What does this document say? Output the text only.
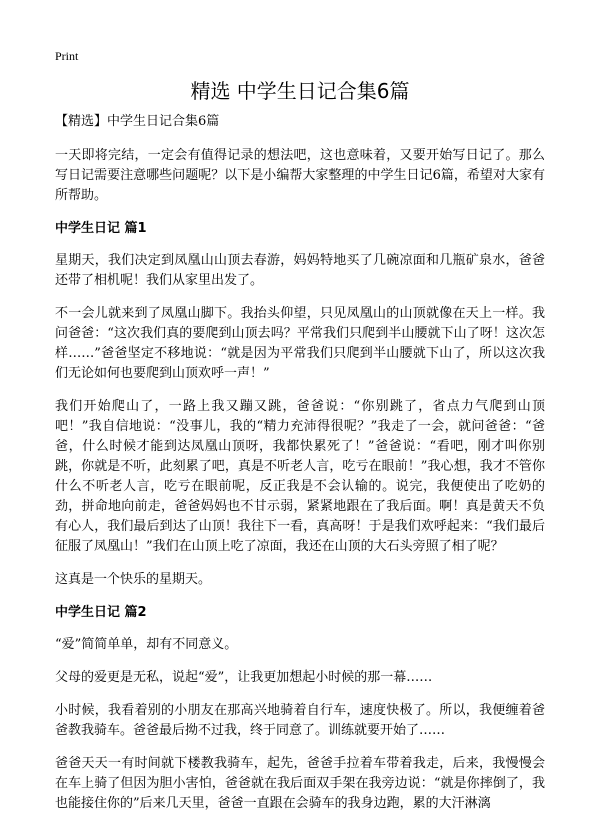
Print
精选 中学生日记合集6篇

【精选】中学生日记合集6篇

一天即将完结，一定会有值得记录的想法吧，这也意味着，又要开始写日记了。那么写日记需要注意哪些问题呢？以下是小编帮大家整理的中学生日记6篇，希望对大家有所帮助。

中学生日记 篇1

星期天，我们决定到凤凰山山顶去春游，妈妈特地买了几碗凉面和几瓶矿泉水，爸爸还带了相机呢！我们从家里出发了。

不一会儿就来到了凤凰山脚下。我抬头仰望，只见凤凰山的山顶就像在天上一样。我问爸爸：“这次我们真的要爬到山顶去吗？平常我们只爬到半山腰就下山了呀！这次怎样……”爸爸坚定不移地说：“就是因为平常我们只爬到半山腰就下山了，所以这次我们无论如何也要爬到山顶欢呼一声！”

我们开始爬山了，一路上我又蹦又跳，爸爸说：“你别跳了，省点力气爬到山顶吧！”我自信地说：“没事儿，我的“精力充沛得很呢？”我走了一会，就问爸爸：“爸爸，什么时候才能到达凤凰山顶呀，我都快累死了！”爸爸说：“看吧，刚才叫你别跳，你就是不听，此刻累了吧，真是不听老人言，吃亏在眼前！”我心想，我才不管你什么不听老人言，吃亏在眼前呢，反正我是不会认输的。说完，我便使出了吃奶的劲，拼命地向前走，爸爸妈妈也不甘示弱，紧紧地跟在了我后面。啊！真是黄天不负有心人，我们最后到达了山顶！我往下一看，真高呀！于是我们欢呼起来：“我们最后征服了凤凰山！”我们在山顶上吃了凉面，我还在山顶的大石头旁照了相了呢？

这真是一个快乐的星期天。

中学生日记 篇2

“爱”简简单单，却有不同意义。

父母的爱更是无私，说起“爱”，让我更加想起小时候的那一幕……

小时候，我看着别的小朋友在那高兴地骑着自行车，速度快极了。所以，我便缠着爸爸教我骑车。爸爸最后拗不过我，终于同意了。训练就要开始了……

爸爸天天一有时间就下楼教我骑车，起先，爸爸手拉着车带着我走，后来，我慢慢会在车上骑了但因为胆小害怕，爸爸就在我后面双手架在我旁边说：“就是你摔倒了，我也能接住你的”后来几天里，爸爸一直跟在会骑车的我身边跑，累的大汗淋漓
